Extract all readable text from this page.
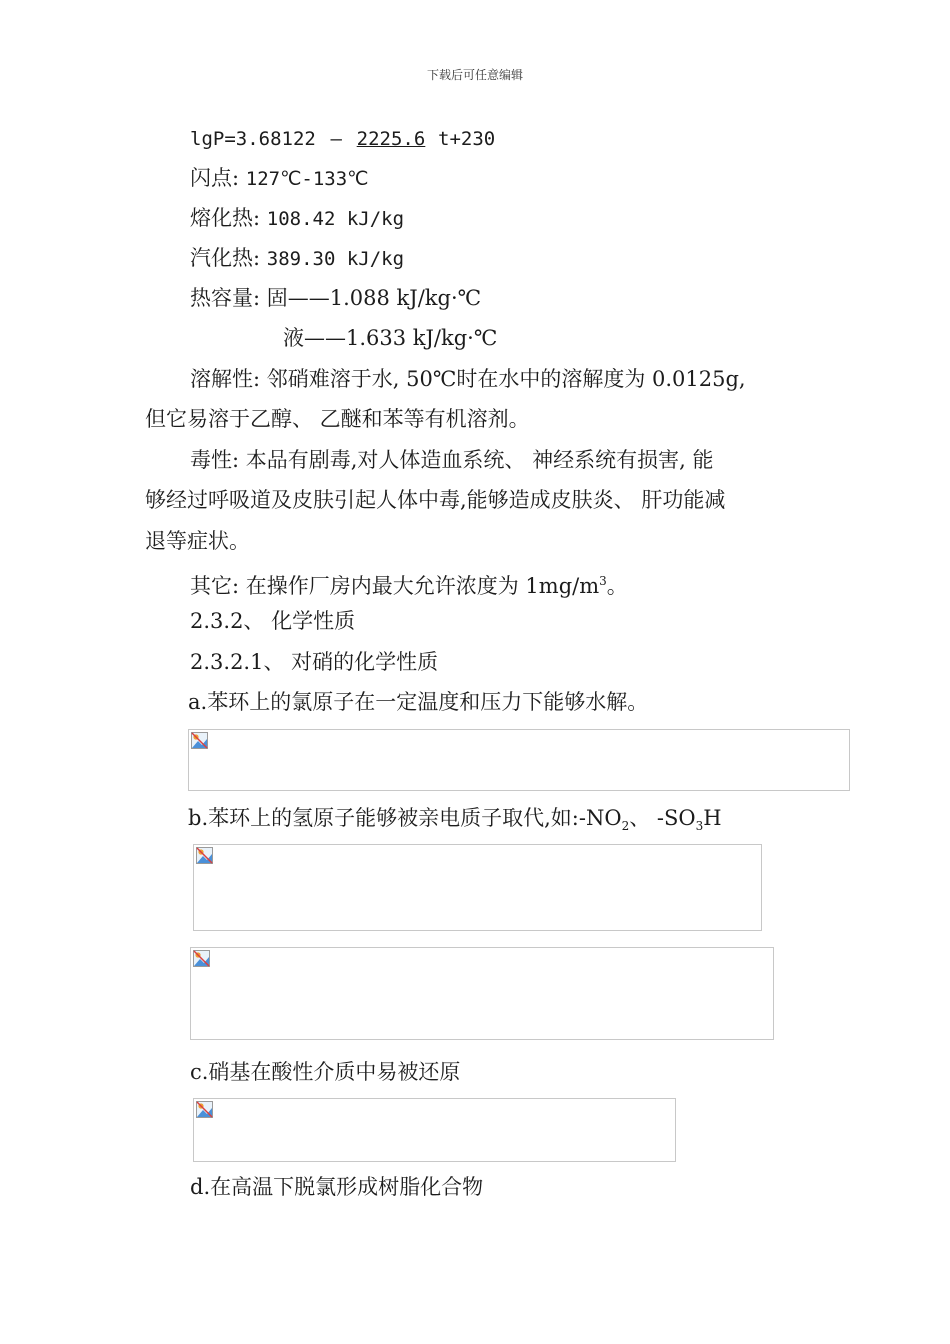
下载后可任意编辑
lgP=3.68122 – 2225.6 t+230
闪点: 127℃-133℃
熔化热: 108.42 kJ/kg
汽化热: 389.30 kJ/kg
热容量: 固——1.088 kJ/kg·℃
液——1.633 kJ/kg·℃
溶解性: 邻硝难溶于水, 50℃时在水中的溶解度为 0.0125g,
但它易溶于乙醇、 乙醚和苯等有机溶剂。
毒性: 本品有剧毒,对人体造血系统、 神经系统有损害, 能
够经过呼吸道及皮肤引起人体中毒,能够造成皮肤炎、 肝功能减
退等症状。
其它: 在操作厂房内最大允许浓度为 $1mg/m^3$。
2.3.2、 化学性质
2.3.2.1、 对硝的化学性质
a.苯环上的氯原子在一定温度和压力下能够水解。
b.苯环上的氢原子能够被亲电质子取代,如$:-NO_2$、 $-SO_3H$
c.硝基在酸性介质中易被还原
d.在高温下脱氯形成树脂化合物
